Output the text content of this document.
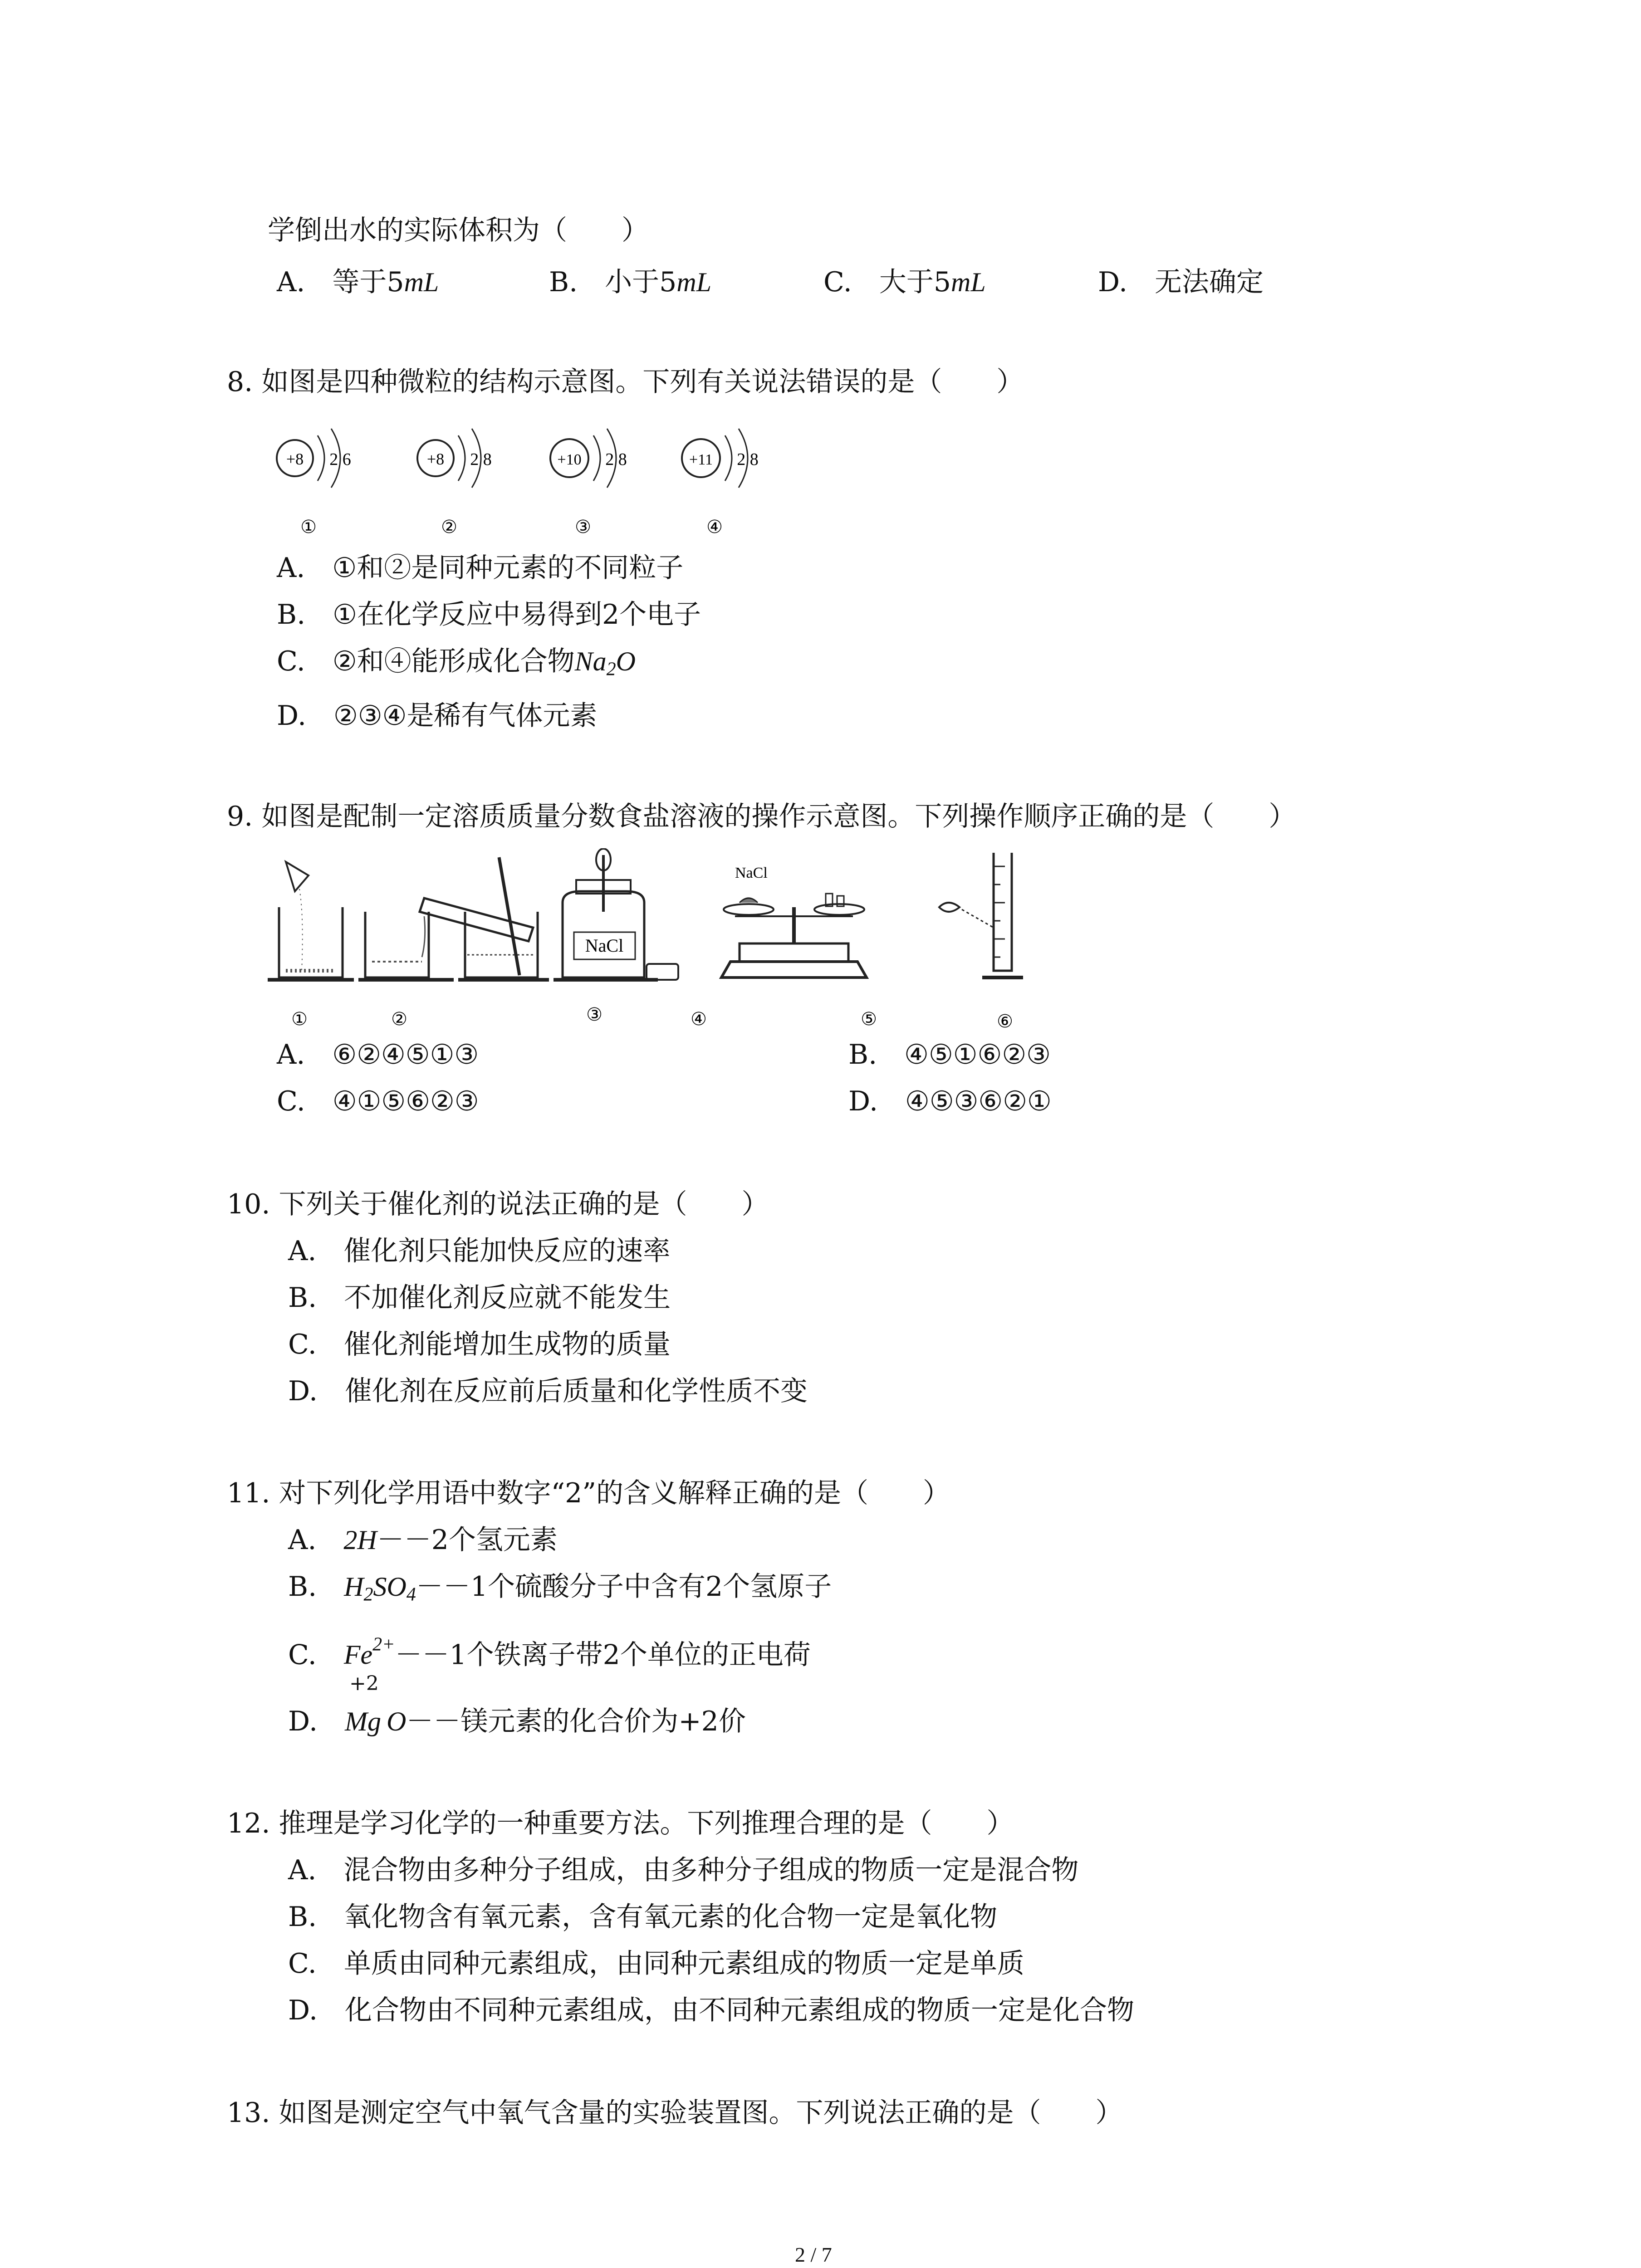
学倒出水的实际体积为（　　）
A.  等于5mL	B.  小于5mL	C.  大于5mL	D.  无法确定
8. 如图是四种微粒的结构示意图。下列有关说法错误的是（　　）
+8 2 6
①
+8 2 8
②
+10 2 8
③
+11 2 8
④
A.  ①和②是同种元素的不同粒子
B.  ①在化学反应中易得到2个电子
C.  ②和④能形成化合物$Na_2O$
D.  ②③④是稀有气体元素
9. 如图是配制一定溶质质量分数食盐溶液的操作示意图。下列操作顺序正确的是（　　）
NaCl
NaCl
①	②	③	④	⑤	⑥
A.  ⑥②④⑤①③	B.  ④⑤①⑥②③
C.  ④①⑤⑥②③	D.  ④⑤③⑥②①
10. 下列关于催化剂的说法正确的是（　　）
A.  催化剂只能加快反应的速率
B.  不加催化剂反应就不能发生
C.  催化剂能增加生成物的质量
D.  催化剂在反应前后质量和化学性质不变
11. 对下列化学用语中数字“2”的含义解释正确的是（　　）
A.  2H－－2个氢元素
B.  $H_2SO_4--1$个硫酸分子中含有2个氢原子
C.  $Fe^{2+}--1$个铁离子带2个单位的正电荷
+2
D.  Mg  O－－镁元素的化合价为+2价
12. 推理是学习化学的一种重要方法。下列推理合理的是（　　）
A.  混合物由多种分子组成，由多种分子组成的物质一定是混合物
B.  氧化物含有氧元素，含有氧元素的化合物一定是氧化物
C.  单质由同种元素组成，由同种元素组成的物质一定是单质
D.  化合物由不同种元素组成，由不同种元素组成的物质一定是化合物
13. 如图是测定空气中氧气含量的实验装置图。下列说法正确的是（　　）
2 / 7
